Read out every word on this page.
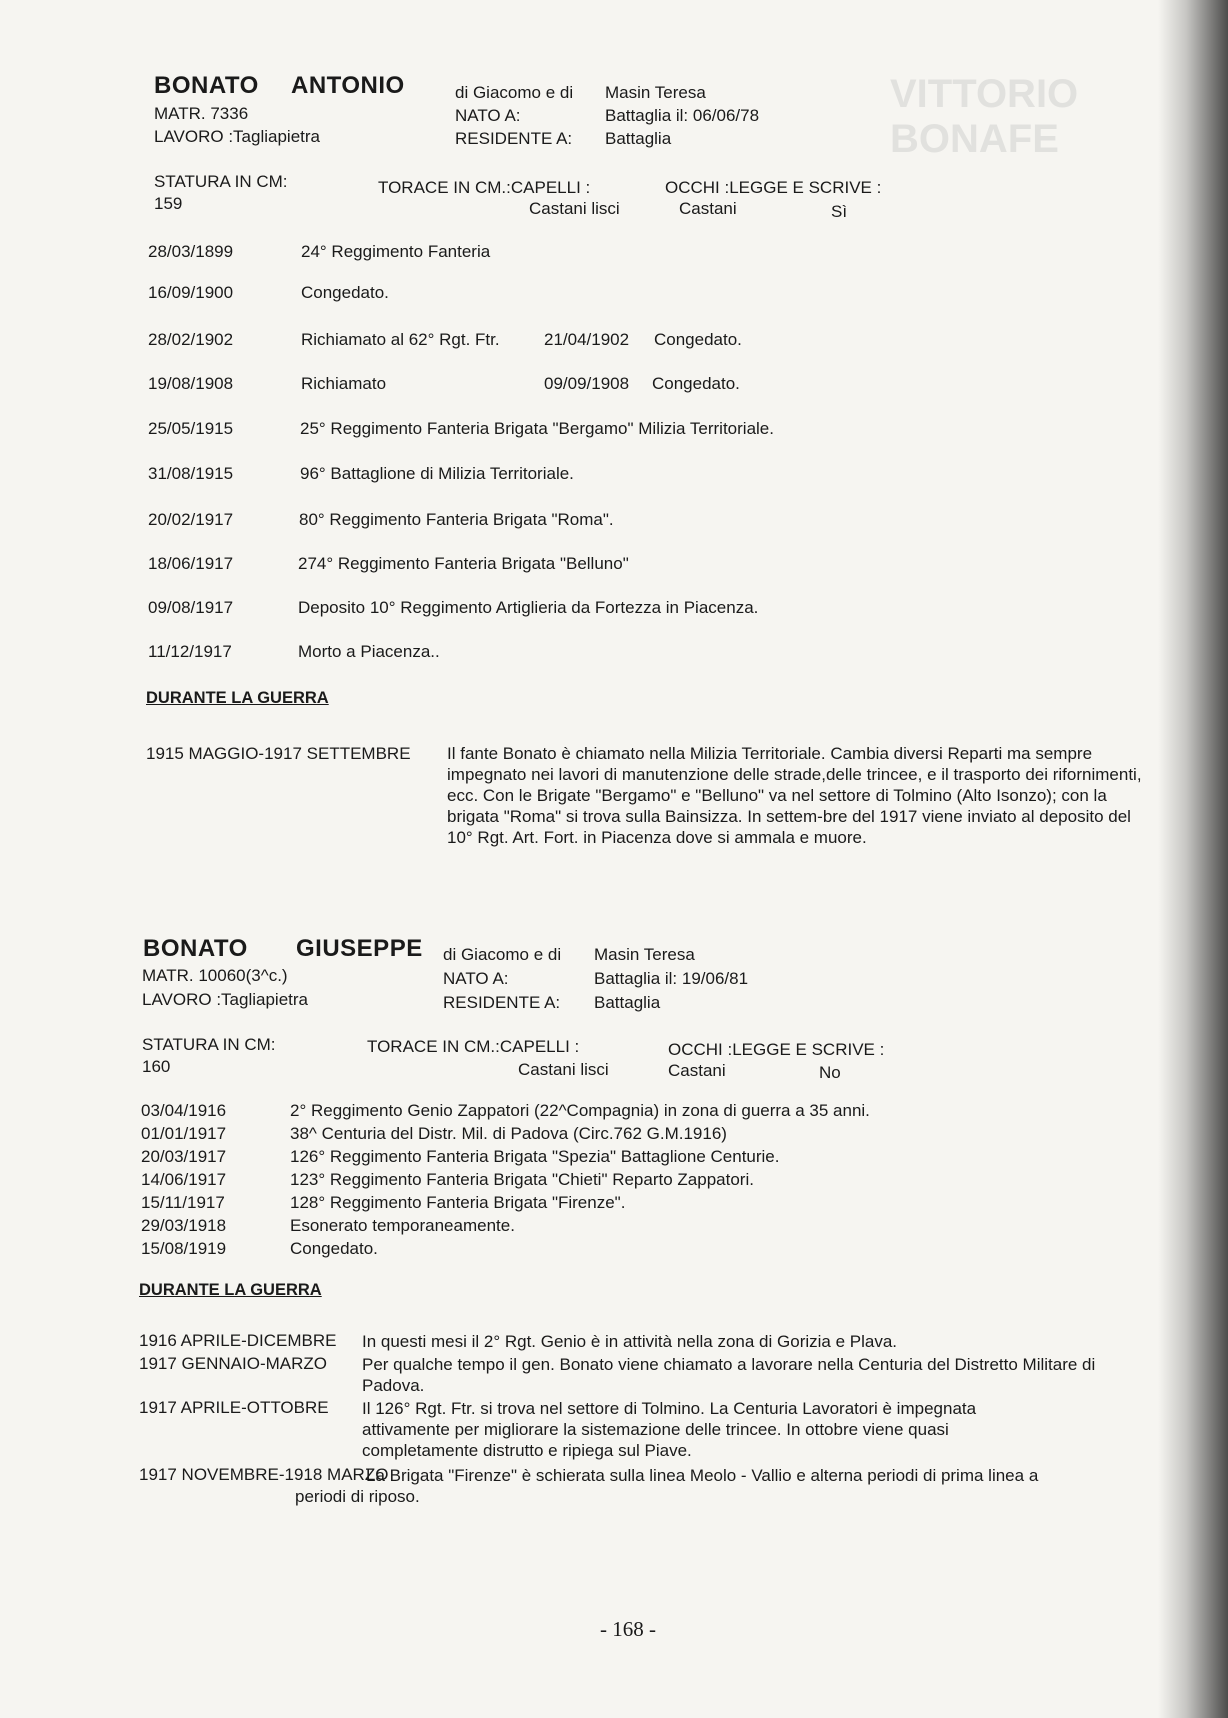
VITTORIO BONAFE
BONATO ANTONIO
MATR. 7336
LAVORO :Tagliapietra
di Giacomo e di Masin Teresa
NATO A:	Battaglia il: 06/06/78
RESIDENTE A: Battaglia
STATURA IN CM:
159
TORACE IN CM.:CAPELLI :
Castani lisci
OCCHI :LEGGE E SCRIVE :
Castani	Sì
28/03/1899	24° Reggimento Fanteria
16/09/1900	Congedato.
28/02/1902	Richiamato al 62° Rgt. Ftr.	21/04/1902 Congedato.
19/08/1908	Richiamato	09/09/1908 Congedato.
25/05/1915	25° Reggimento Fanteria Brigata "Bergamo" Milizia Territoriale.
31/08/1915	96° Battaglione di Milizia Territoriale.
20/02/1917	80° Reggimento Fanteria Brigata "Roma".
18/06/1917	274° Reggimento Fanteria Brigata "Belluno"
09/08/1917	Deposito 10° Reggimento Artiglieria da Fortezza in Piacenza.
11/12/1917	Morto a Piacenza..
DURANTE LA GUERRA
1915 MAGGIO-1917 SETTEMBRE Il fante Bonato è chiamato nella Milizia Territoriale. Cambia diversi Reparti ma sempre impegnato nei lavori di manutenzione delle strade,delle trincee, e il trasporto dei rifornimenti, ecc. Con le Brigate "Bergamo" e "Belluno" va nel settore di Tolmino (Alto Isonzo); con la brigata "Roma" si trova sulla Bainsizza. In settem-bre del 1917 viene inviato al deposito del 10° Rgt. Art. Fort. in Piacenza dove si ammala e muore.
BONATO GIUSEPPE
MATR. 10060(3^c.)
LAVORO :Tagliapietra
di Giacomo e di Masin Teresa
NATO A:	Battaglia il: 19/06/81
RESIDENTE A: Battaglia
STATURA IN CM:
160
TORACE IN CM.:CAPELLI :
Castani lisci
OCCHI :LEGGE E SCRIVE :
Castani	No
03/04/1916	2° Reggimento Genio Zappatori (22^Compagnia) in zona di guerra a 35 anni.
01/01/1917	38^ Centuria del Distr. Mil. di Padova (Circ.762 G.M.1916)
20/03/1917	126° Reggimento Fanteria Brigata "Spezia" Battaglione Centurie.
14/06/1917	123° Reggimento Fanteria Brigata "Chieti" Reparto Zappatori.
15/11/1917	128° Reggimento Fanteria Brigata "Firenze".
29/03/1918	Esonerato temporaneamente.
15/08/1919	Congedato.
DURANTE LA GUERRA
1916 APRILE-DICEMBRE In questi mesi il 2° Rgt. Genio è in attività nella zona di Gorizia e Plava.
1917 GENNAIO-MARZO Per qualche tempo il gen. Bonato viene chiamato a lavorare nella Centuria del Distretto Militare di Padova.
1917 APRILE-OTTOBRE Il 126° Rgt. Ftr. si trova nel settore di Tolmino. La Centuria Lavoratori è impegnata attivamente per migliorare la sistemazione delle trincee. In ottobre viene quasi completamente distrutto e ripiega sul Piave.
1917 NOVEMBRE-1918 MARZO
La Brigata "Firenze" è schierata sulla linea Meolo - Vallio e alterna periodi di prima linea a periodi di riposo.
- 168 -
